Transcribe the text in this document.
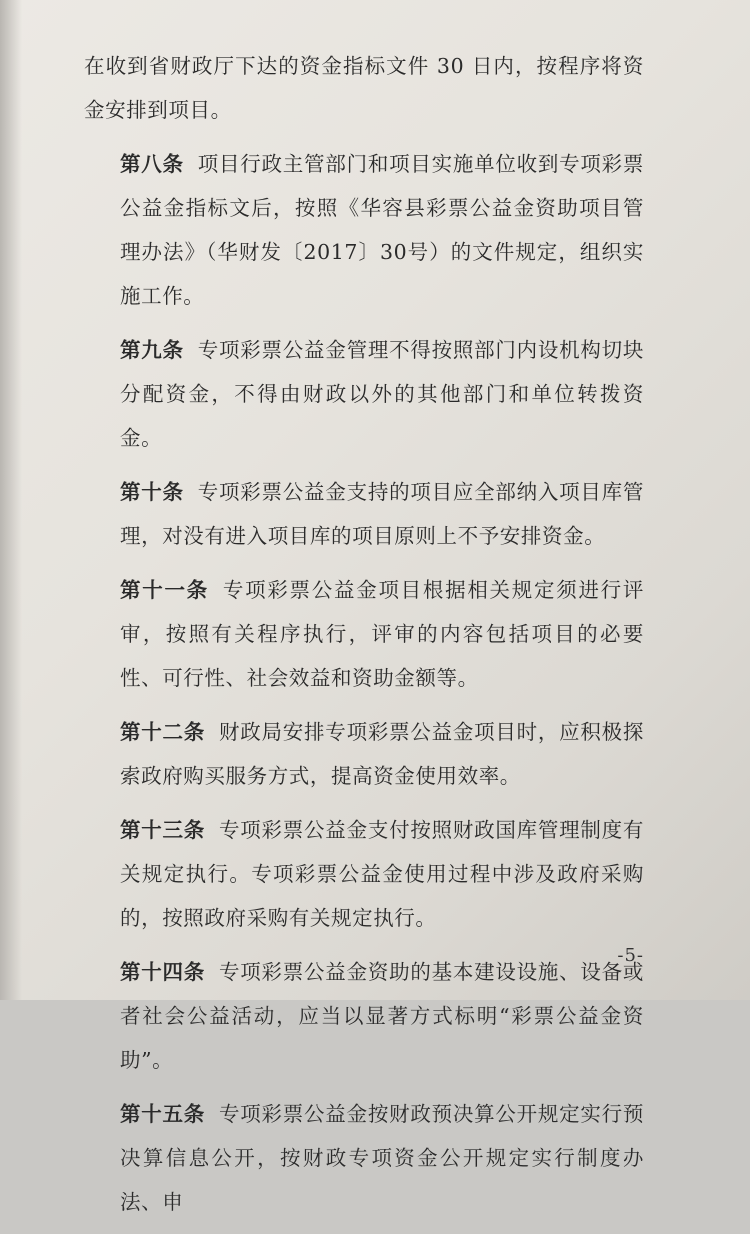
在收到省财政厅下达的资金指标文件 30 日内，按程序将资金安排到项目。

第八条 项目行政主管部门和项目实施单位收到专项彩票公益金指标文后，按照《华容县彩票公益金资助项目管理办法》（华财发〔2017〕30号）的文件规定，组织实施工作。

第九条 专项彩票公益金管理不得按照部门内设机构切块分配资金，不得由财政以外的其他部门和单位转拨资金。

第十条 专项彩票公益金支持的项目应全部纳入项目库管理，对没有进入项目库的项目原则上不予安排资金。

第十一条 专项彩票公益金项目根据相关规定须进行评审，按照有关程序执行，评审的内容包括项目的必要性、可行性、社会效益和资助金额等。

第十二条 财政局安排专项彩票公益金项目时，应积极探索政府购买服务方式，提高资金使用效率。

第十三条 专项彩票公益金支付按照财政国库管理制度有关规定执行。专项彩票公益金使用过程中涉及政府采购的，按照政府采购有关规定执行。

第十四条 专项彩票公益金资助的基本建设设施、设备或者社会公益活动，应当以显著方式标明“彩票公益金资助”。

第十五条 专项彩票公益金按财政预决算公开规定实行预决算信息公开，按财政专项资金公开规定实行制度办法、申

-5-
